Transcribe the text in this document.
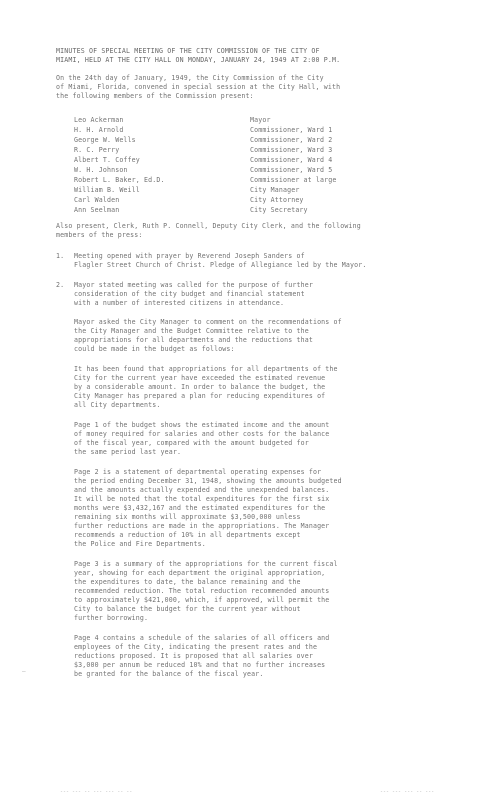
MINUTES OF SPECIAL MEETING OF THE CITY COMMISSION OF THE CITY OF
MIAMI, HELD AT THE CITY HALL ON MONDAY, JANUARY 24, 1949 AT 2:00 P.M.
On the 24th day of January, 1949, the City Commission of the City
of Miami, Florida, convened in special session at the City Hall, with
the following members of the Commission present:
Leo Ackerman	Mayor
H. H. Arnold	Commissioner, Ward 1
George W. Wells	Commissioner, Ward 2
R. C. Perry	Commissioner, Ward 3
Albert T. Coffey	Commissioner, Ward 4
W. H. Johnson	Commissioner, Ward 5
Robert L. Baker, Ed.D.	Commissioner at large
William B. Weill	City Manager
Carl Walden	City Attorney
Ann Seelman	City Secretary
Also present, Clerk, Ruth P. Connell, Deputy City Clerk, and the following
members of the press:
1. Meeting opened with prayer by Reverend Joseph Sanders of
Flagler Street Church of Christ. Pledge of Allegiance led by the Mayor.
2. Mayor stated meeting was called for the purpose of further
consideration of the city budget and financial statement
with a number of interested citizens in attendance.
Mayor asked the City Manager to comment on the recommendations of
the City Manager and the Budget Committee relative to the
appropriations for all departments and the reductions that
could be made in the budget as follows:
It has been found that appropriations for all departments of the
City for the current year have exceeded the estimated revenue
by a considerable amount. In order to balance the budget, the
City Manager has prepared a plan for reducing expenditures of
all City departments.
Page 1 of the budget shows the estimated income and the amount
of money required for salaries and other costs for the balance
of the fiscal year, compared with the amount budgeted for
the same period last year.
Page 2 is a statement of departmental operating expenses for
the period ending December 31, 1948, showing the amounts budgeted
and the amounts actually expended and the unexpended balances.
It will be noted that the total expenditures for the first six
months were $3,432,167 and the estimated expenditures for the
remaining six months will approximate $3,500,000 unless
further reductions are made in the appropriations. The Manager
recommends a reduction of 10% in all departments except
the Police and Fire Departments.
Page 3 is a summary of the appropriations for the current fiscal
year, showing for each department the original appropriation,
the expenditures to date, the balance remaining and the
recommended reduction. The total reduction recommended amounts
to approximately $421,000, which, if approved, will permit the
City to balance the budget for the current year without
further borrowing.
Page 4 contains a schedule of the salaries of all officers and
employees of the City, indicating the present rates and the
reductions proposed. It is proposed that all salaries over
$3,000 per annum be reduced 10% and that no further increases
be granted for the balance of the fiscal year.
–
--- --- -- --- --- -- --	--- --- --- -- ---
